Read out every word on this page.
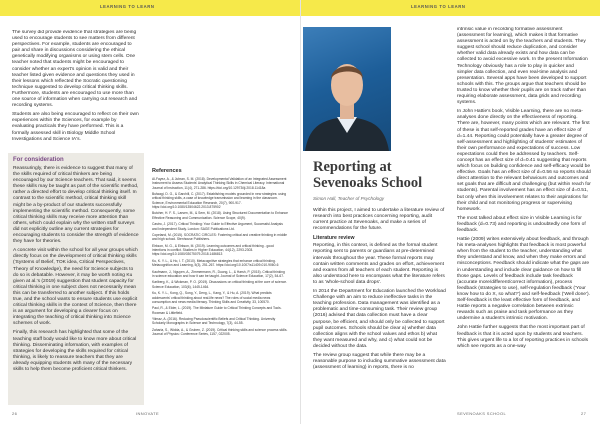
LEARNING TO LEARN

The survey did provide evidence that strategies are being used to encourage students to see matters from different perspectives. For example, students are encouraged to pair and share in discussions considering the ethical genetically modifying organisms or using stem cells. One teacher noted that students might be encouraged to consider whether an expert's opinion is valid and their teacher listed given evidence and questions they used in their lessons which reflected the Socratic questioning technique suggested to develop critical thinking skills. Furthermore, students are encouraged to use more than one source of information when carrying out research and recording systems.

Students are also being encouraged to reflect on their own experiences within the Sciences, for example by evaluating practicals they have performed. This is a formally assessed skill in Biology Middle School Investigations and Science IA's.

For consideration

Reassuringly, there is evidence to suggest that many of the skills required of critical thinkers are being encouraged by our Science teachers. That said, it seems these skills may be taught as part of the scientific method, rather a directed effort to develop critical thinking itself. In contrast to the scientific method, critical thinking skill might be a by-product of our students successfully implementing the scientific method. Consequently, some critical thinking skills may receive more attention than others, which could explain why the written staff surveys did not explicitly outline any current strategies for encouraging students to consider the strength of evidence they have for theories.

A concrete visit within the school for all year groups which directly focus on the development of critical thinking skills ('Systems of Belief, TOK idea, Critical Perspectives, Theory of Knowledge), the need for Science subjects to do so is debatable. However, it may be worth noting Ku given at al.'s (2019) suggestion that student capacity for critical thinking in one subject does not necessarily mean this can be transferred to another subject. If this holds true, and the school wants to ensure students use explicit critical thinking skills in the context of Science, then there is an argument for developing a clearer focus on integrating the teaching of critical thinking into Science schemes of work.

Finally, this research has highlighted that some of the teaching staff body would like to know more about critical thinking. Disseminating information, with examples of strategies for developing the skills required for critical thinking, is likely to reassure teachers that they are already equipping students with many of the necessary skills to help them become proficient critical thinkers.

References
Al-Fayez, A., & Jubran, S. M. (2018). Developmental Validation of an Integrated Assessment Instrument to Assess Students' Analytical Thinking Skills in Chemical Literacy. International Journal of Instruction, 11(4), 271-286. https://doi.org/10.12973/iji.2018.11418a
Bulwagi, D. G., & Garchill, C. (2017). Establishing models grounded in new strategies: using critical thinking skills, a case of knowledge transmission and learning in the classroom. Science, Environmental Education Research, 20(7), 900-917. https://doi.org/10.1080/13504622.2013.875902
Butcher, H. F. S., Larsen, M., & Sem, M. (2018). Using Structured Documentation to Enhance Effective Reasoning and Communication. Science Scope, 40(9).
Castro, J. (2017). Critical Thinking: Your Guide to Effective Argument, Successful Analysis and Independent Study. London: SAGE Publications Ltd.
Copeland, M. (2015). SOCRATIC CIRCLES: Fostering critical and creative thinking in middle and high school. Stenhouse Publishers.
Elrkson, M. G., & Elrkson, M. (2019). Learning outcomes and critical thinking - good intentions in conflict. Studies in Higher Education, 44(12), 2293-2303. https://doi.org/10.1080/03075079.2018.1486813
Ku, K. Y. L., & Ho, I. T. (2010). Metacognitive strategies that enhance critical thinking. Metacognition and Learning, 5(3), 251-267. https://doi.org/10.1007/s11409-010-9060-6
Kaufmann, J., Nguyen, A., Zimmermann, R., Duong, L., & Harsh, P. (2015). Critical thinking in science education and how it can be taught. Journal of Science Education, 17(2), 54-67.
Karlberg, K., & Wickman, P. O. (2019). Discussions on critical thinking at the core of science. Science Education, 103(6), 1445-1464.
Ku, K. Y. L., Kong, Q., Song, Y., Deng, L., Kang, Y., & Hu, A. (2019). What predicts adolescents' critical thinking about real-life news? The roles of social media news consumption and news media literacy. Thinking Skills and Creativity, 33, 100570.
Paul, R., & Elder, L. (2019). The Miniature Guide to Critical Thinking Concepts and Tools. Rowman & Littlefield.
Yilmaz, A. (2016). Reducing Pseudoscientific Beliefs and Critical Thinking. University Scholarly Monographs in Science and Technology, 7(3), 44-55.
Zaharia, S., Widda, A., & Gruben, Z. (2019). Critical thinking skills and science process skills. Journal of Physics: Conference Series, 1157, 022005.
26	INNOVATE
LEARNING TO LEARN
Reporting at Sevenoaks School
Simon Hall, Teacher of Psychology

Within this project, I aimed to undertake a literature review of research into best practices concerning reporting, audit current practice at Sevenoaks, and make a series of recommendations for the future.

Literature review

Reporting, in this context, is defined as the formal student reporting sent to parents or guardians at pre-determined intervals throughout the year. These formal reports may contain written comments and grades on effort, achievement and exams from all teachers of each student. Reporting is also understood here to encompass what the literature refers to as 'whole-school data drops'.

In 2014 the Department for Education launched the Workload Challenge with an aim to reduce ineffective tasks in the teaching profession. Data management was identified as a problematic and time-consuming task. Their review group (2016) advised that data collection must have a clear purpose, be efficient, and should only be collected to support pupil outcomes. Schools should be clear a) whether data collection aligns with the school values and ethos b) what they want measured and why, and c) what could not be decided without the data.

The review group suggest that while there may be a reasonable purpose to including summative assessment data (assessment of learning) in reports, there is no

intrinsic value in recording formative assessment (assessment for learning), which makes it that formative assessment is acted on by the teachers and students. They suggest school should reduce duplication, and consider whether valid data already exists and how data can be collected to avoid excessive work. In the present Information Technology obviously has a role to play in quicker and simpler data collection, and even real-time analysis and presentation. Several apps have been developed to support schools with this. The groups argue that teachers should be trusted to know whether their pupils are on track rather than requiring elaborate assessment, data grids and recording systems.

In John Hattie's book, Visible Learning, there are no meta-analyses done directly on the effectiveness of reporting. There are, however, many points which are relevant. The first of these is that self-reported grades have an effect size of d=1.44. Reporting could potentially have a greater degree of self-assessment and highlighting of students' estimates of their own performance and expectations of success. Low expectations could then be addressed by teachers. Self-concept has an effect size of d=0.41 suggesting that reports which focus on building confidence and self-efficacy would be effective. Goals has an effect size of d=0.56 so reports should direct attention to the relevant behaviours and outcomes and set goals that are difficult and challenging (but within reach for students). Parental involvement has an effect size of d=0.51, but only when this involvement relates to their aspirations for their child and not monitoring progress or supervising homework.

The most talked about effect size in Visible Learning is for feedback (d=0.73) and reporting is undoubtedly one form of feedback.

Hattie (2009) writes extensively about feedback, and through his meta-analyses highlights that feedback is most powerful when from the student to the teacher, understanding what they understand and know, and when they make errors and misconceptions. Feedback should indicate what the gaps are in understanding and include clear guidance on how to fill those gaps. Levels of feedback include task feedback (accurate more/different/correct information), process feedback (strategies to use), self-regulation feedback ('Your know how to do X, so what?') and self-feedback ('Well done'). Self-feedback is the least effective form of feedback, and Hattie reports a negative correlation between extrinsic rewards such as praise and task performance as they undermine a student's intrinsic motivation.

John Hattie further suggests that the most important part of feedback is that it is acted upon by students and teachers. This gives urgent life to a lot of reporting practices in schools which see reports as a one-way

SEVENOAKS SCHOOL	27
